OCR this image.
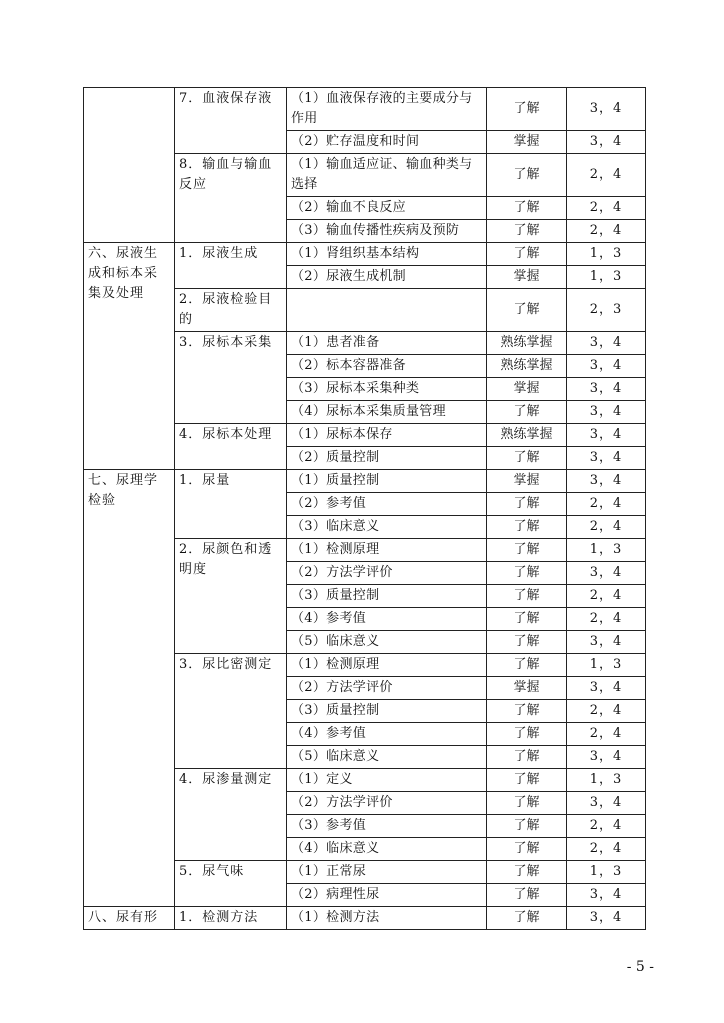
	7．血液保存液	（1）血液保存液的主要成分与作用	了解	3，4
		（2）贮存温度和时间	掌握	3，4
	8．输血与输血反应	（1）输血适应证、输血种类与选择	了解	2，4
		（2）输血不良反应	了解	2，4
		（3）输血传播性疾病及预防	了解	2，4
六、尿液生成和标本采集及处理	1．尿液生成	（1）肾组织基本结构	了解	1，3
		（2）尿液生成机制	掌握	1，3
	2．尿液检验目的		了解	2，3
	3．尿标本采集	（1）患者准备	熟练掌握	3，4
		（2）标本容器准备	熟练掌握	3，4
		（3）尿标本采集种类	掌握	3，4
		（4）尿标本采集质量管理	了解	3，4
	4．尿标本处理	（1）尿标本保存	熟练掌握	3，4
		（2）质量控制	了解	3，4
七、尿理学检验	1．尿量	（1）质量控制	掌握	3，4
		（2）参考值	了解	2，4
		（3）临床意义	了解	2，4
	2．尿颜色和透明度	（1）检测原理	了解	1，3
		（2）方法学评价	了解	3，4
		（3）质量控制	了解	2，4
		（4）参考值	了解	2，4
		（5）临床意义	了解	3，4
	3．尿比密测定	（1）检测原理	了解	1，3
		（2）方法学评价	掌握	3，4
		（3）质量控制	了解	2，4
		（4）参考值	了解	2，4
		（5）临床意义	了解	3，4
	4．尿渗量测定	（1）定义	了解	1，3
		（2）方法学评价	了解	3，4
		（3）参考值	了解	2，4
		（4）临床意义	了解	2，4
	5．尿气味	（1）正常尿	了解	1，3
		（2）病理性尿	了解	3，4
八、尿有形	1．检测方法	（1）检测方法	了解	3，4
- 5 -
